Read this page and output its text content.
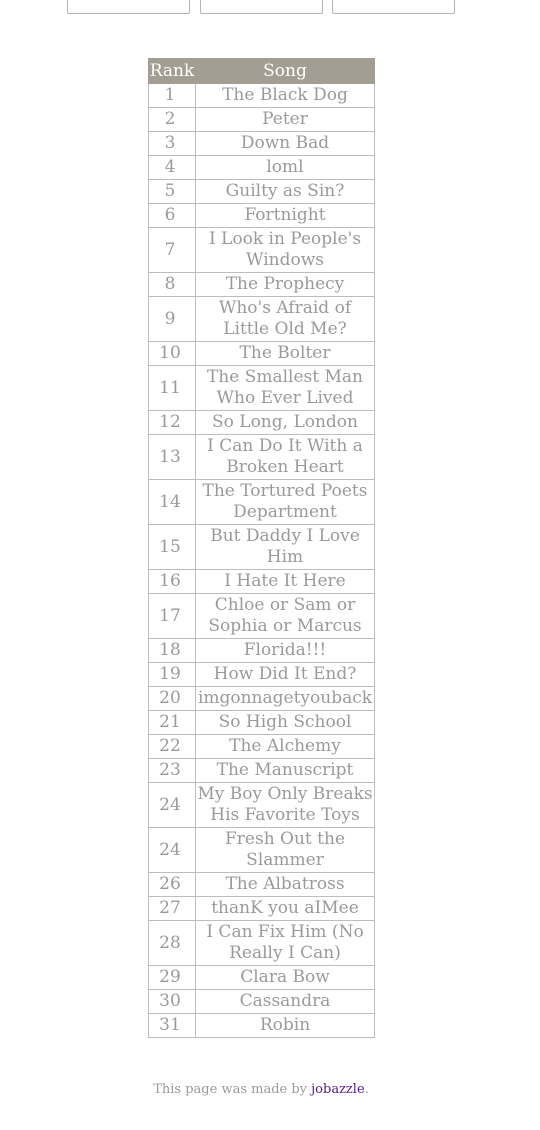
Rank	Song
1	The Black Dog
2	Peter
3	Down Bad
4	loml
5	Guilty as Sin?
6	Fortnight
7	I Look in People's Windows
8	The Prophecy
9	Who's Afraid of Little Old Me?
10	The Bolter
11	The Smallest Man Who Ever Lived
12	So Long, London
13	I Can Do It With a Broken Heart
14	The Tortured Poets Department
15	But Daddy I Love Him
16	I Hate It Here
17	Chloe or Sam or Sophia or Marcus
18	Florida!!!
19	How Did It End?
20	imgonnagetyouback
21	So High School
22	The Alchemy
23	The Manuscript
24	My Boy Only Breaks His Favorite Toys
24	Fresh Out the Slammer
26	The Albatross
27	thanK you aIMee
28	I Can Fix Him (No Really I Can)
29	Clara Bow
30	Cassandra
31	Robin
This page was made by jobazzle.
